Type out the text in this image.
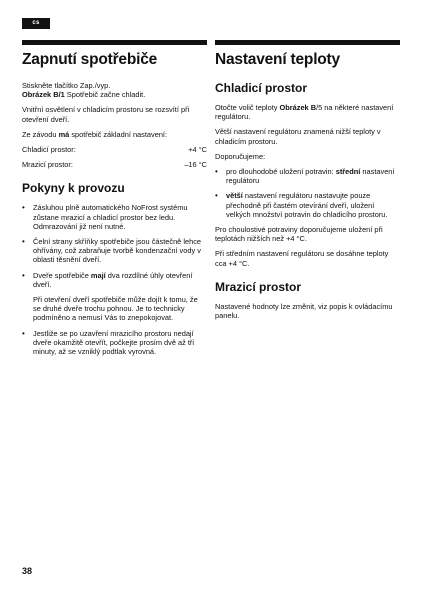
cs
Zapnutí spotřebiče

Stiskněte tlačítko Zap./vyp.
Obrázek B/1 Spotřebič začne chladit.

Vnitřní osvětlení v chladicím prostoru se rozsvítí při otevření dveří.

Ze závodu má spotřebič základní nastavení:

Chladicí prostor:	+4 °C
Mrazicí prostor:	–16 °C
Pokyny k provozu
• Zásluhou plně automatického NoFrost systému zůstane mrazicí a chladicí prostor bez ledu. Odmrazování již není nutné.
• Čelní strany skříňky spotřebiče jsou částečně lehce ohřívány, což zabraňuje tvorbě kondenzační vody v oblasti těsnění dveří.
• Dveře spotřebiče mají dva rozdílné úhly otevření dveří.
Při otevření dveří spotřebiče může dojít k tomu, že se druhé dveře trochu pohnou. Je to technicky podmíněno a nemusí Vás to znepokojovat.
• Jestliže se po uzavření mrazicího prostoru nedají dveře okamžitě otevřít, počkejte prosím dvě až tři minuty, až se vzniklý podtlak vyrovná.
Nastavení teploty
Chladicí prostor

Otočte volič teploty Obrázek B/5 na některé nastavení regulátoru.

Větší nastavení regulátoru znamená nižší teploty v chladicím prostoru.

Doporučujeme:

• pro dlouhodobé uložení potravin: střední nastavení regulátoru
• větší nastavení regulátoru nastavujte pouze přechodně při častém otevírání dveří, uložení velkých množství potravin do chladicího prostoru.

Pro choulostivé potraviny doporučujeme uložení při teplotách nižších než +4 °C.

Při středním nastavení regulátoru se dosáhne teploty cca +4 °C.

Mrazicí prostor

Nastavené hodnoty lze změnit, viz popis k ovládacímu panelu.

38
